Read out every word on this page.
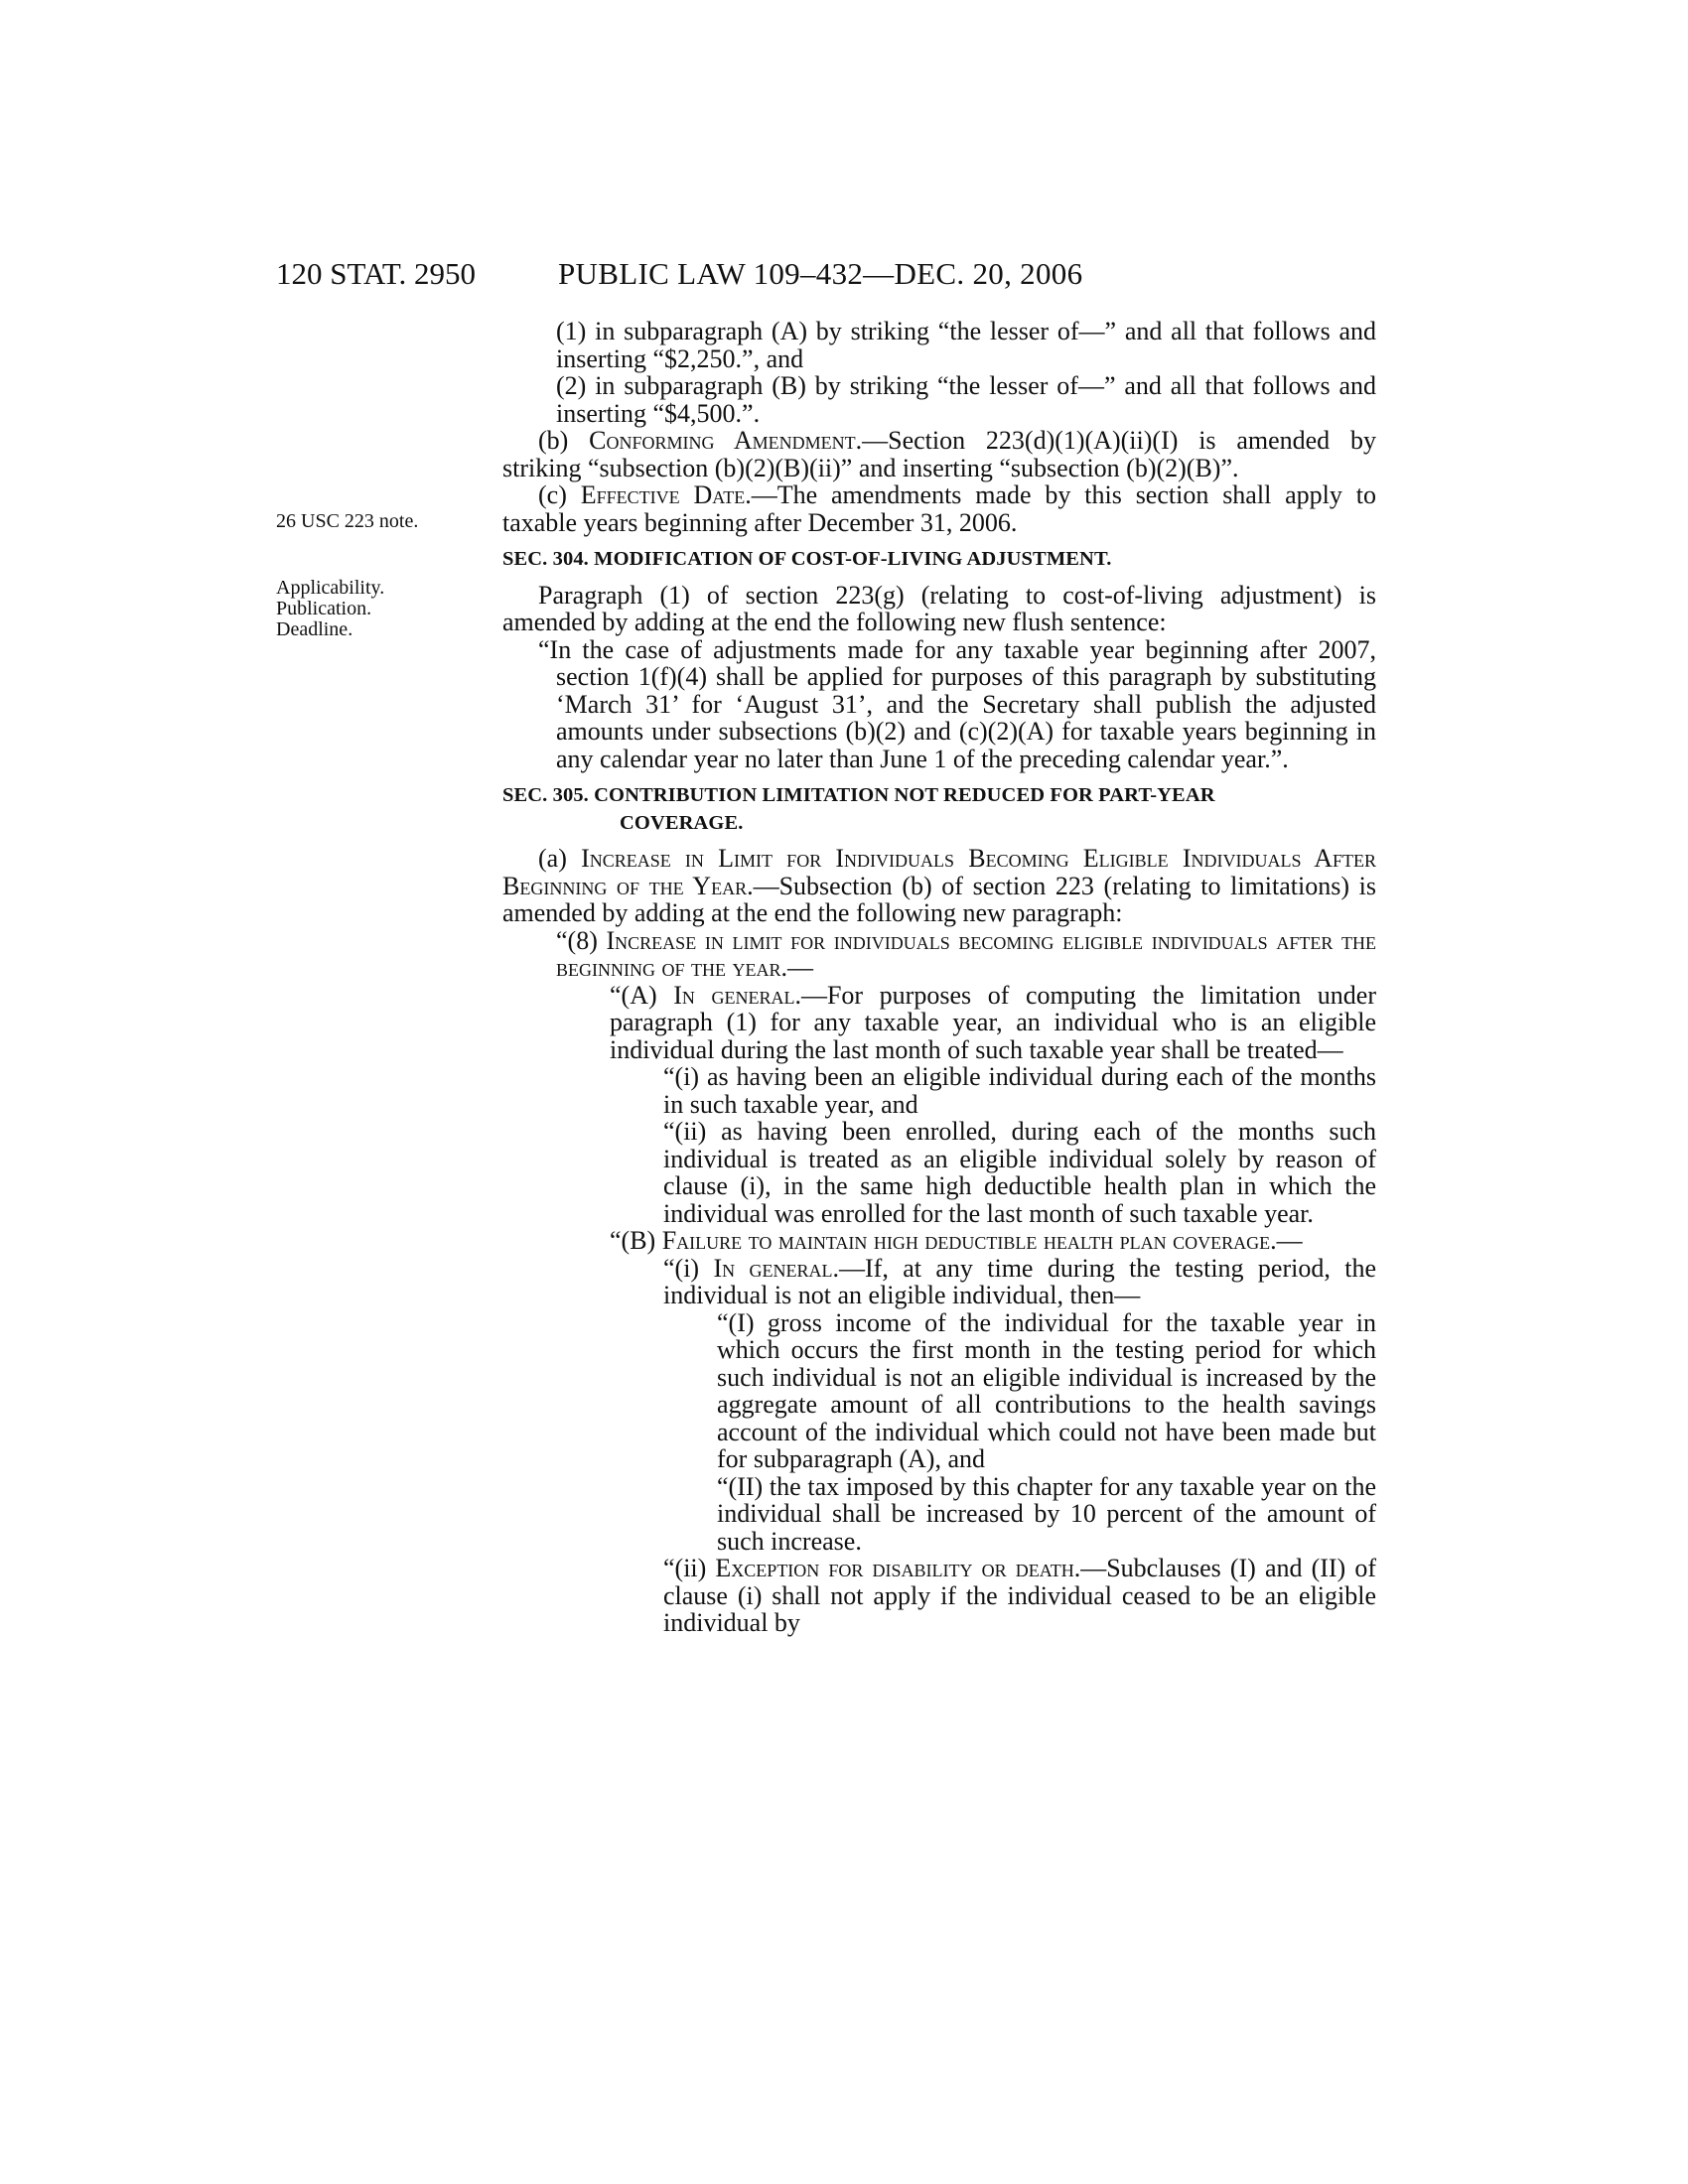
120 STAT. 2950	PUBLIC LAW 109–432—DEC. 20, 2006
26 USC 223 note.
Applicability.
Publication.
Deadline.

(1) in subparagraph (A) by striking “the lesser of—” and all that follows and inserting “$2,250.”, and

(2) in subparagraph (B) by striking “the lesser of—” and all that follows and inserting “$4,500.”.

(b) Conforming Amendment.—Section 223(d)(1)(A)(ii)(I) is amended by striking “subsection (b)(2)(B)(ii)” and inserting “subsection (b)(2)(B)”.

(c) Effective Date.—The amendments made by this section shall apply to taxable years beginning after December 31, 2006.

SEC. 304. MODIFICATION OF COST-OF-LIVING ADJUSTMENT.

Paragraph (1) of section 223(g) (relating to cost-of-living adjustment) is amended by adding at the end the following new flush sentence:

“In the case of adjustments made for any taxable year beginning after 2007, section 1(f)(4) shall be applied for purposes of this paragraph by substituting ‘March 31’ for ‘August 31’, and the Secretary shall publish the adjusted amounts under subsections (b)(2) and (c)(2)(A) for taxable years beginning in any calendar year no later than June 1 of the preceding calendar year.”.

SEC. 305. CONTRIBUTION LIMITATION NOT REDUCED FOR PART-YEAR
COVERAGE.

(a) Increase in Limit for Individuals Becoming Eligible Individuals After Beginning of the Year.—Subsection (b) of section 223 (relating to limitations) is amended by adding at the end the following new paragraph:

“(8) Increase in limit for individuals becoming eligible individuals after the beginning of the year.—

“(A) In general.—For purposes of computing the limitation under paragraph (1) for any taxable year, an individual who is an eligible individual during the last month of such taxable year shall be treated—

“(i) as having been an eligible individual during each of the months in such taxable year, and

“(ii) as having been enrolled, during each of the months such individual is treated as an eligible individual solely by reason of clause (i), in the same high deductible health plan in which the individual was enrolled for the last month of such taxable year.

“(B) Failure to maintain high deductible health plan coverage.—

“(i) In general.—If, at any time during the testing period, the individual is not an eligible individual, then—

“(I) gross income of the individual for the taxable year in which occurs the first month in the testing period for which such individual is not an eligible individual is increased by the aggregate amount of all contributions to the health savings account of the individual which could not have been made but for subparagraph (A), and

“(II) the tax imposed by this chapter for any taxable year on the individual shall be increased by 10 percent of the amount of such increase.

“(ii) Exception for disability or death.—Subclauses (I) and (II) of clause (i) shall not apply if the individual ceased to be an eligible individual by
